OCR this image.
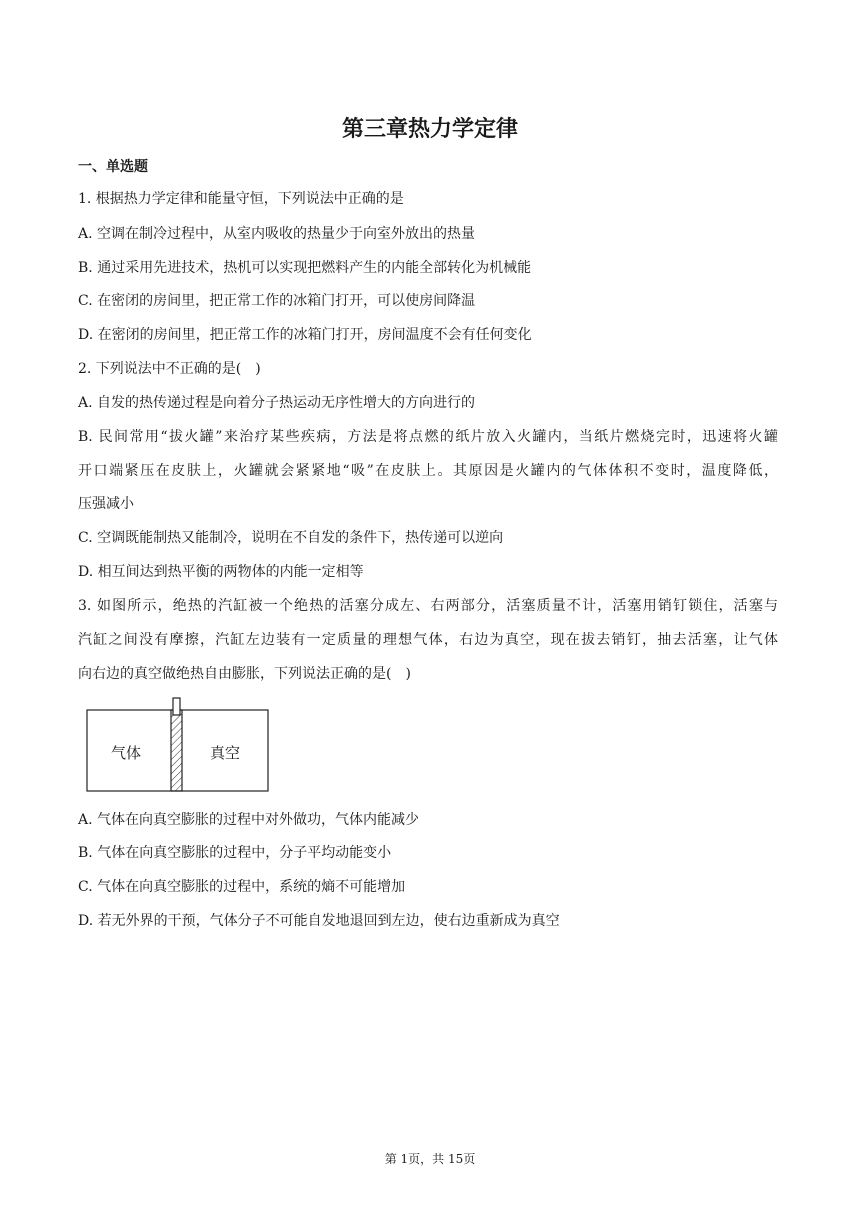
第三章热力学定律
一、单选题
1. 根据热力学定律和能量守恒，下列说法中正确的是
A. 空调在制冷过程中，从室内吸收的热量少于向室外放出的热量
B. 通过采用先进技术，热机可以实现把燃料产生的内能全部转化为机械能
C. 在密闭的房间里，把正常工作的冰箱门打开，可以使房间降温
D. 在密闭的房间里，把正常工作的冰箱门打开，房间温度不会有任何变化
2. 下列说法中不正确的是(　)
A. 自发的热传递过程是向着分子热运动无序性增大的方向进行的
B. 民间常用“拔火罐”来治疗某些疾病，方法是将点燃的纸片放入火罐内，当纸片燃烧完时，迅速将火罐
开口端紧压在皮肤上，火罐就会紧紧地“吸”在皮肤上。其原因是火罐内的气体体积不变时，温度降低，
压强减小
C. 空调既能制热又能制冷，说明在不自发的条件下，热传递可以逆向
D. 相互间达到热平衡的两物体的内能一定相等
3. 如图所示，绝热的汽缸被一个绝热的活塞分成左、右两部分，活塞质量不计，活塞用销钉锁住，活塞与
汽缸之间没有摩擦，汽缸左边装有一定质量的理想气体，右边为真空，现在拔去销钉，抽去活塞，让气体
向右边的真空做绝热自由膨胀，下列说法正确的是(　)
气体	真空
A. 气体在向真空膨胀的过程中对外做功，气体内能减少
B. 气体在向真空膨胀的过程中，分子平均动能变小
C. 气体在向真空膨胀的过程中，系统的熵不可能增加
D. 若无外界的干预，气体分子不可能自发地退回到左边，使右边重新成为真空
第 1页，共 15页
